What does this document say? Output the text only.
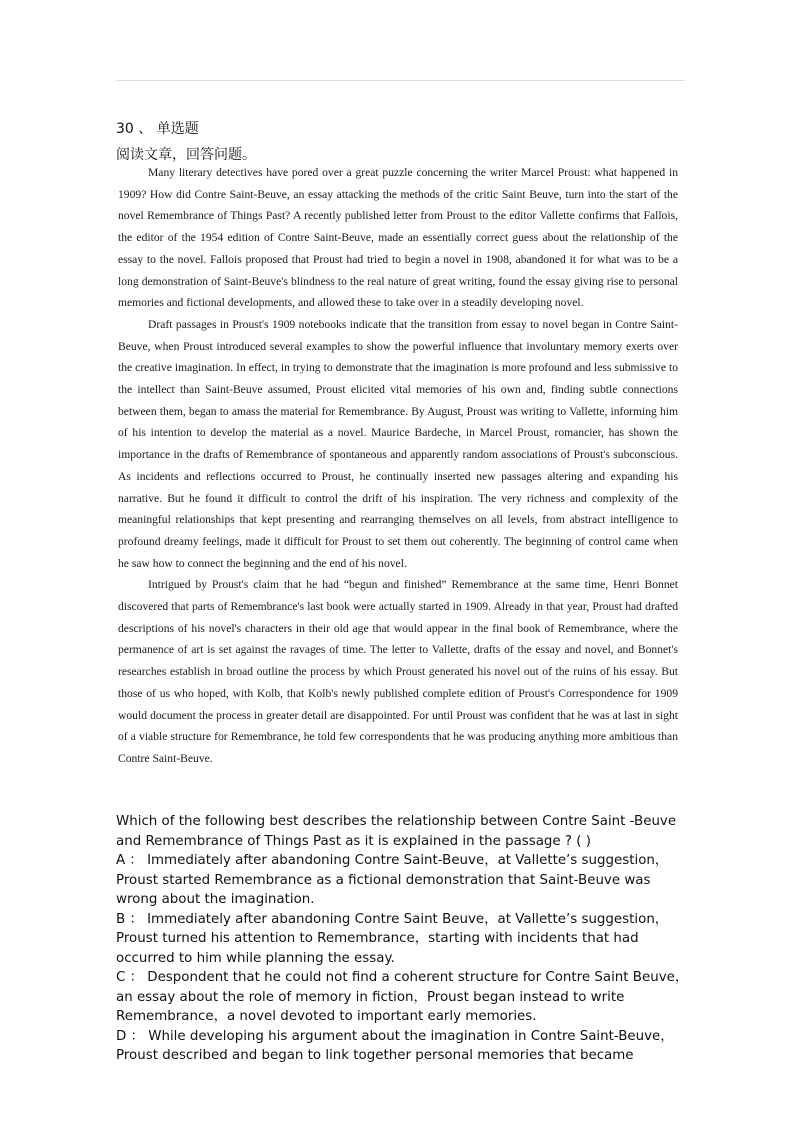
30 、 单选题
阅读文章，回答问题。

Many literary detectives have pored over a great puzzle concerning the writer Marcel Proust: what happened in 1909? How did Contre Saint-Beuve, an essay attacking the methods of the critic Saint Beuve, turn into the start of the novel Remembrance of Things Past? A recently published letter from Proust to the editor Vallette confirms that Fallois, the editor of the 1954 edition of Contre Saint-Beuve, made an essentially correct guess about the relationship of the essay to the novel. Fallois proposed that Proust had tried to begin a novel in 1908, abandoned it for what was to be a long demonstration of Saint-Beuve's blindness to the real nature of great writing, found the essay giving rise to personal memories and fictional developments, and allowed these to take over in a steadily developing novel.

Draft passages in Proust's 1909 notebooks indicate that the transition from essay to novel began in Contre Saint-Beuve, when Proust introduced several examples to show the powerful influence that involuntary memory exerts over the creative imagination. In effect, in trying to demonstrate that the imagination is more profound and less submissive to the intellect than Saint-Beuve assumed, Proust elicited vital memories of his own and, finding subtle connections between them, began to amass the material for Remembrance. By August, Proust was writing to Vallette, informing him of his intention to develop the material as a novel. Maurice Bardeche, in Marcel Proust, romancier, has shown the importance in the drafts of Remembrance of spontaneous and apparently random associations of Proust's subconscious. As incidents and reflections occurred to Proust, he continually inserted new passages altering and expanding his narrative. But he found it difficult to control the drift of his inspiration. The very richness and complexity of the meaningful relationships that kept presenting and rearranging themselves on all levels, from abstract intelligence to profound dreamy feelings, made it difficult for Proust to set them out coherently. The beginning of control came when he saw how to connect the beginning and the end of his novel.

Intrigued by Proust's claim that he had “begun and finished” Remembrance at the same time, Henri Bonnet discovered that parts of Remembrance's last book were actually started in 1909. Already in that year, Proust had drafted descriptions of his novel's characters in their old age that would appear in the final book of Remembrance, where the permanence of art is set against the ravages of time. The letter to Vallette, drafts of the essay and novel, and Bonnet's researches establish in broad outline the process by which Proust generated his novel out of the ruins of his essay. But those of us who hoped, with Kolb, that Kolb's newly published complete edition of Proust's Correspondence for 1909 would document the process in greater detail are disappointed. For until Proust was confident that he was at last in sight of a viable structure for Remembrance, he told few correspondents that he was producing anything more ambitious than Contre Saint-Beuve.

Which of the following best describes the relationship between Contre Saint -Beuve and Remembrance of Things Past as it is explained in the passage ? ( )
A ： Immediately after abandoning Contre Saint-Beuve，at Vallette’s suggestion，Proust started Remembrance as a fictional demonstration that Saint-Beuve was wrong about the imagination.
B ： Immediately after abandoning Contre Saint Beuve，at Vallette’s suggestion，Proust turned his attention to Remembrance，starting with incidents that had occurred to him while planning the essay.
C ： Despondent that he could not find a coherent structure for Contre Saint Beuve，an essay about the role of memory in fiction，Proust began instead to write Remembrance，a novel devoted to important early memories.
D ： While developing his argument about the imagination in Contre Saint-Beuve，Proust described and began to link together personal memories that became
